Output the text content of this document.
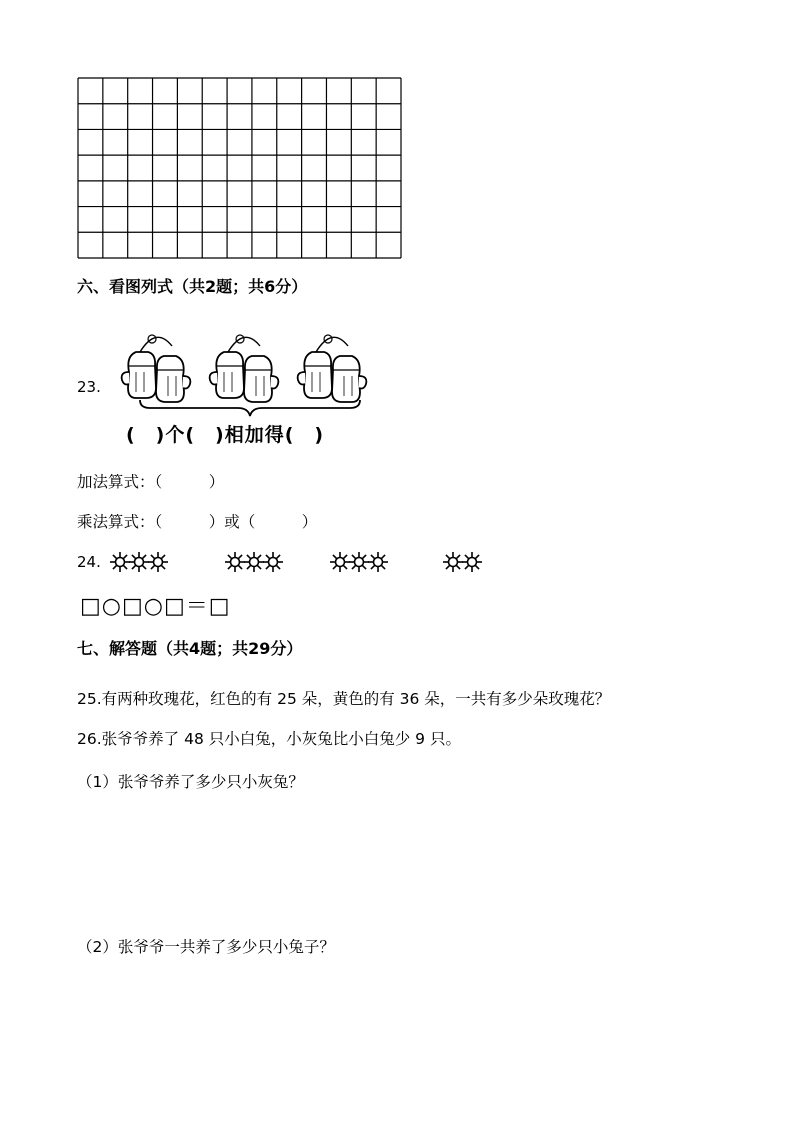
六、看图列式（共2题；共6分）
23.
(　)个(　)相加得(　)
加法算式：（　　　）
乘法算式：（　　　）或（　　　）
24.
□○□○□＝□
七、解答题（共4题；共29分）
25.有两种玫瑰花，红色的有 25 朵，黄色的有 36 朵，一共有多少朵玫瑰花？
26.张爷爷养了 48 只小白兔，小灰兔比小白兔少 9 只。
（1）张爷爷养了多少只小灰兔？
（2）张爷爷一共养了多少只小兔子？
